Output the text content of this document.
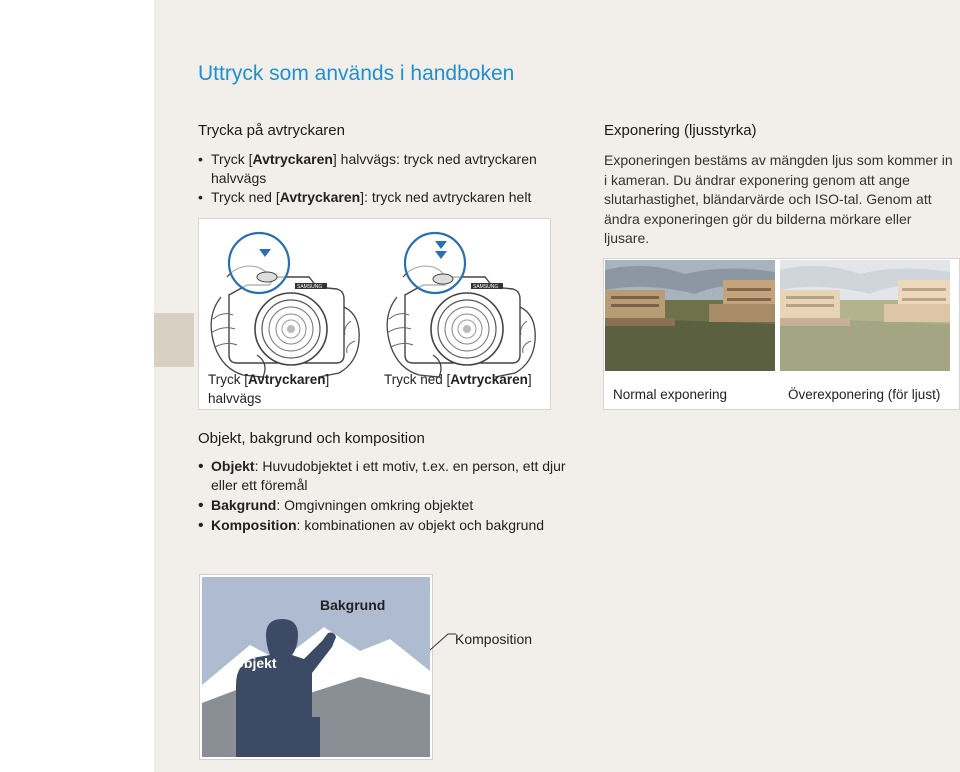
Uttryck som används i handboken
Trycka på avtryckaren
• Tryck [Avtryckaren] halvvägs: tryck ned avtryckaren halvvägs
• Tryck ned [Avtryckaren]: tryck ned avtryckaren helt
SAMSUNG	SAMSUNG
Tryck [Avtryckaren] halvvägs
Tryck ned [Avtryckaren]
Exponering (ljusstyrka)
Exponeringen bestäms av mängden ljus som kommer in i kameran. Du ändrar exponering genom att ange slutarhastighet, bländarvärde och ISO-tal. Genom att ändra exponeringen gör du bilderna mörkare eller ljusare.
Normal exponering	Överexponering (för ljust)
Objekt, bakgrund och komposition
• Objekt: Huvudobjektet i ett motiv, t.ex. en person, ett djur eller ett föremål
• Bakgrund: Omgivningen omkring objektet
• Komposition: kombinationen av objekt och bakgrund
Bakgrund
Objekt
Komposition
